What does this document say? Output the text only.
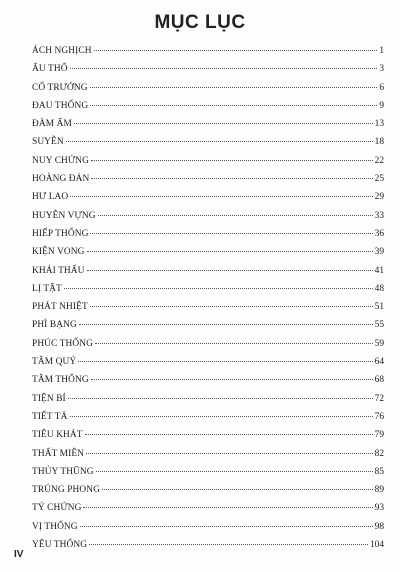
MỤC LỤC
ÁCH NGHỊCH	1
ẨU THỔ	3
CỔ TRƯỚNG	6
ĐAU THỐNG	9
ĐÀM ẨM	13
SUYỄN	18
NUY CHỨNG	22
HOÀNG ĐẢN	25
HƯ LAO	29
HUYỄN VỰNG	33
HIẾP THỐNG	36
KIỆN VONG	39
KHÁI THẤU	41
LỊ TẬT	48
PHÁT NHIỆT	51
PHÌ BẠNG	55
PHÚC THỐNG	59
TÂM QUÝ	64
TÂM THỐNG	68
TIỆN BÍ	72
TIẾT TẢ	76
TIÊU KHÁT	79
THẤT MIÊN	82
THỦY THŨNG	85
TRÚNG PHONG	89
TÝ CHỨNG	93
VỊ THỐNG	98
YÊU THỐNG	104
IV
